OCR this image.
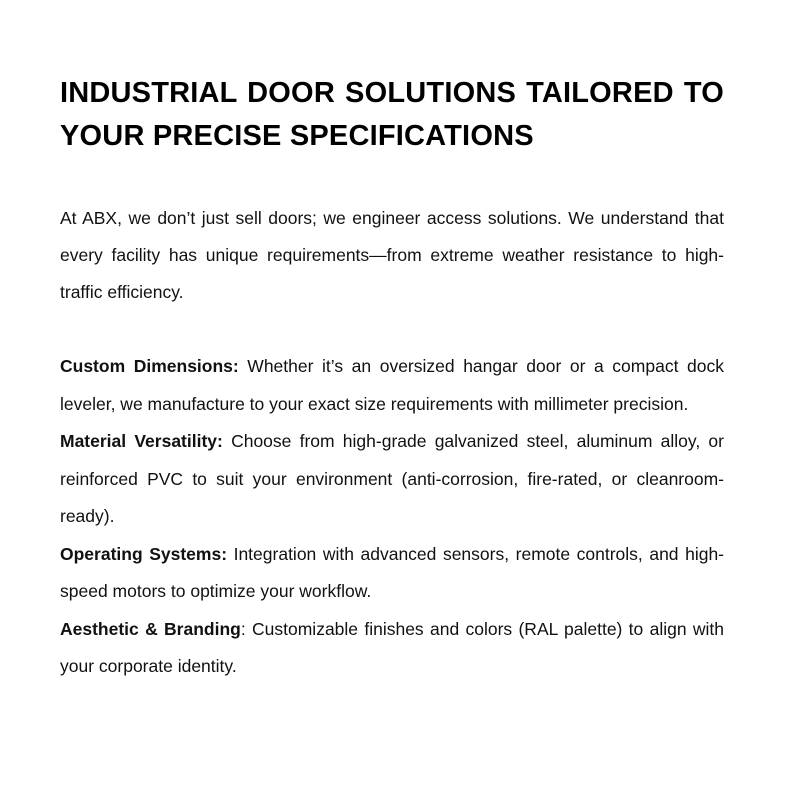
INDUSTRIAL DOOR SOLUTIONS TAILORED TO YOUR PRECISE SPECIFICATIONS

At ABX, we don’t just sell doors; we engineer access solutions. We understand that every facility has unique requirements—from extreme weather resistance to high-traffic efficiency.

Custom Dimensions: Whether it’s an oversized hangar door or a compact dock leveler, we manufacture to your exact size requirements with millimeter precision.

Material Versatility: Choose from high-grade galvanized steel, aluminum alloy, or reinforced PVC to suit your environment (anti-corrosion, fire-rated, or cleanroom-ready).

Operating Systems: Integration with advanced sensors, remote controls, and high-speed motors to optimize your workflow.

Aesthetic & Branding: Customizable finishes and colors (RAL palette) to align with your corporate identity.
